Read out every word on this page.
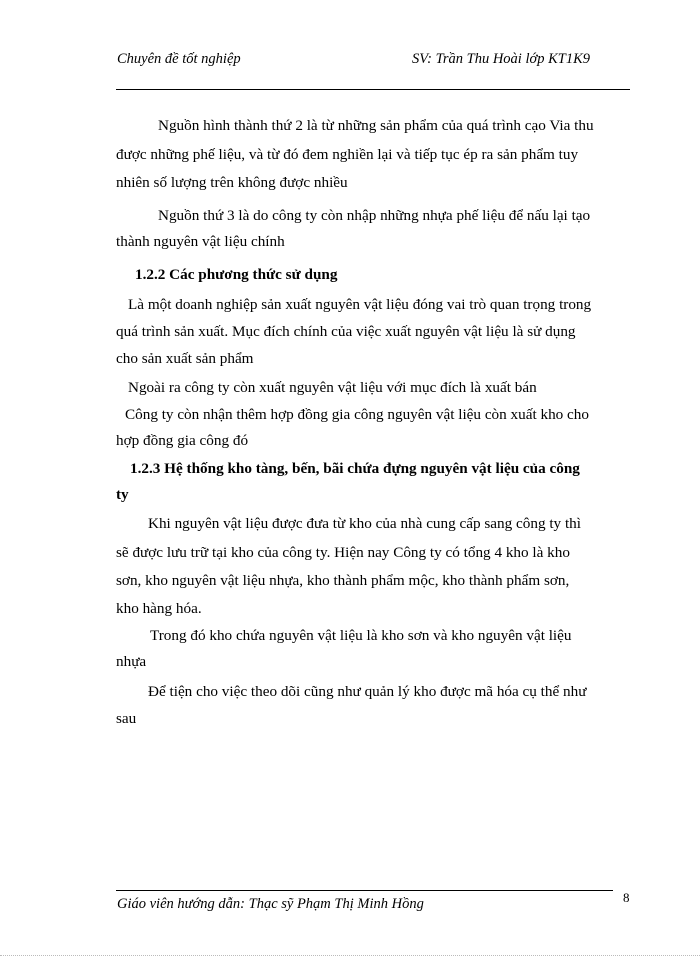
Chuyên đề tốt nghiệp	SV: Trần Thu Hoài lớp KT1K9
Nguồn hình thành thứ 2 là từ những sản phẩm của quá trình cạo Via thu
được những phế liệu, và từ đó đem nghiền lại và tiếp tục ép ra sản phẩm tuy
nhiên số lượng trên không được nhiều
Nguồn thứ 3 là do công ty còn nhập những nhựa phế liệu để nấu lại tạo
thành nguyên vật liệu chính
1.2.2 Các phương thức sử dụng
Là một doanh nghiệp sản xuất nguyên vật liệu đóng vai trò quan trọng trong
quá trình sản xuất. Mục đích chính của việc xuất nguyên vật liệu là sử dụng
cho sản xuất sản phẩm
Ngoài ra công ty còn xuất nguyên vật liệu với mục đích là xuất bán
Công ty còn nhận thêm hợp đồng gia công nguyên vật liệu còn xuất kho cho
hợp đồng gia công đó
1.2.3 Hệ thống kho tàng, bến, bãi chứa đựng nguyên vật liệu của công
ty
Khi nguyên vật liệu được đưa từ kho của nhà cung cấp sang công ty thì
sẽ được lưu trữ tại kho của công ty. Hiện nay Công ty có tổng 4 kho là kho
sơn, kho nguyên vật liệu nhựa, kho thành phẩm mộc, kho thành phẩm sơn,
kho hàng hóa.
Trong đó kho chứa nguyên vật liệu là kho sơn và kho nguyên vật liệu
nhựa
Để tiện cho việc theo dõi cũng như quản lý kho được mã hóa cụ thể như
sau
Giáo viên hướng dẫn: Thạc sỹ Phạm Thị Minh Hồng	8
